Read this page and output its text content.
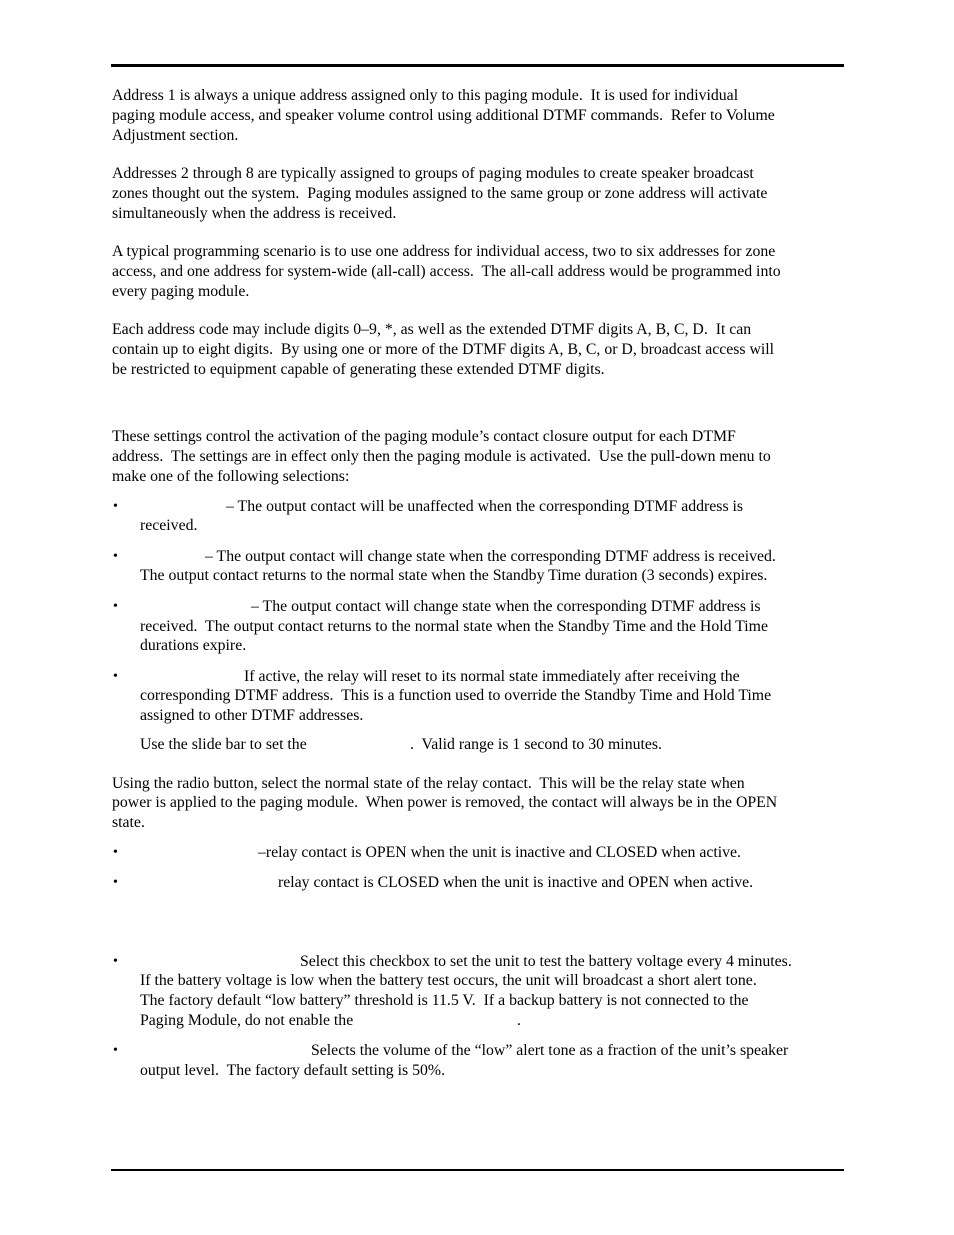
Address 1 is always a unique address assigned only to this paging module.  It is used for individual
paging module access, and speaker volume control using additional DTMF commands.  Refer to Volume
Adjustment section.
Addresses 2 through 8 are typically assigned to groups of paging modules to create speaker broadcast
zones thought out the system.  Paging modules assigned to the same group or zone address will activate
simultaneously when the address is received.
A typical programming scenario is to use one address for individual access, two to six addresses for zone
access, and one address for system-wide (all-call) access.  The all-call address would be programmed into
every paging module.
Each address code may include digits 0–9, *, as well as the extended DTMF digits A, B, C, D.  It can
contain up to eight digits.  By using one or more of the DTMF digits A, B, C, or D, broadcast access will
be restricted to equipment capable of generating these extended DTMF digits.
These settings control the activation of the paging module’s contact closure output for each DTMF
address.  The settings are in effect only then the paging module is activated.  Use the pull-down menu to
make one of the following selections:
•	– The output contact will be unaffected when the corresponding DTMF address is
received.
•	– The output contact will change state when the corresponding DTMF address is received.
The output contact returns to the normal state when the Standby Time duration (3 seconds) expires.
•	– The output contact will change state when the corresponding DTMF address is
received.  The output contact returns to the normal state when the Standby Time and the Hold Time
durations expire.
•	If active, the relay will reset to its normal state immediately after receiving the
corresponding DTMF address.  This is a function used to override the Standby Time and Hold Time
assigned to other DTMF addresses.
Use the slide bar to set the	.  Valid range is 1 second to 30 minutes.
Using the radio button, select the normal state of the relay contact.  This will be the relay state when
power is applied to the paging module.  When power is removed, the contact will always be in the OPEN
state.
•	–relay contact is OPEN when the unit is inactive and CLOSED when active.
•	relay contact is CLOSED when the unit is inactive and OPEN when active.
•	Select this checkbox to set the unit to test the battery voltage every 4 minutes.
If the battery voltage is low when the battery test occurs, the unit will broadcast a short alert tone.
The factory default “low battery” threshold is 11.5 V.  If a backup battery is not connected to the
Paging Module, do not enable the	.
•	Selects the volume of the “low” alert tone as a fraction of the unit’s speaker
output level.  The factory default setting is 50%.
